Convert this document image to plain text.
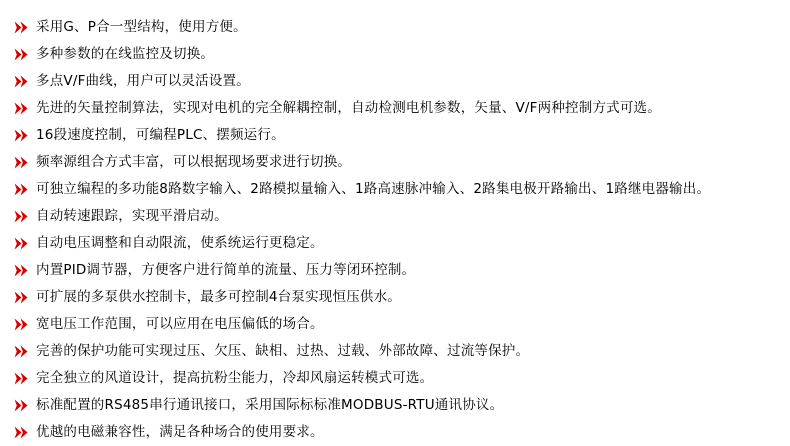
采用G、P合一型结构，使用方便。
多种参数的在线监控及切换。
多点V/F曲线，用户可以灵活设置。
先进的矢量控制算法，实现对电机的完全解耦控制，自动检测电机参数，矢量、V/F两种控制方式可选。
16段速度控制，可编程PLC、摆频运行。
频率源组合方式丰富，可以根据现场要求进行切换。
可独立编程的多功能8路数字输入、2路模拟量输入、1路高速脉冲输入、2路集电极开路输出、1路继电器输出。
自动转速跟踪，实现平滑启动。
自动电压调整和自动限流，使系统运行更稳定。
内置PID调节器，方便客户进行简单的流量、压力等闭环控制。
可扩展的多泵供水控制卡，最多可控制4台泵实现恒压供水。
宽电压工作范围，可以应用在电压偏低的场合。
完善的保护功能可实现过压、欠压、缺相、过热、过载、外部故障、过流等保护。
完全独立的风道设计，提高抗粉尘能力，冷却风扇运转模式可选。
标准配置的RS485串行通讯接口，采用国际标标准MODBUS-RTU通讯协议。
优越的电磁兼容性，满足各种场合的使用要求。
